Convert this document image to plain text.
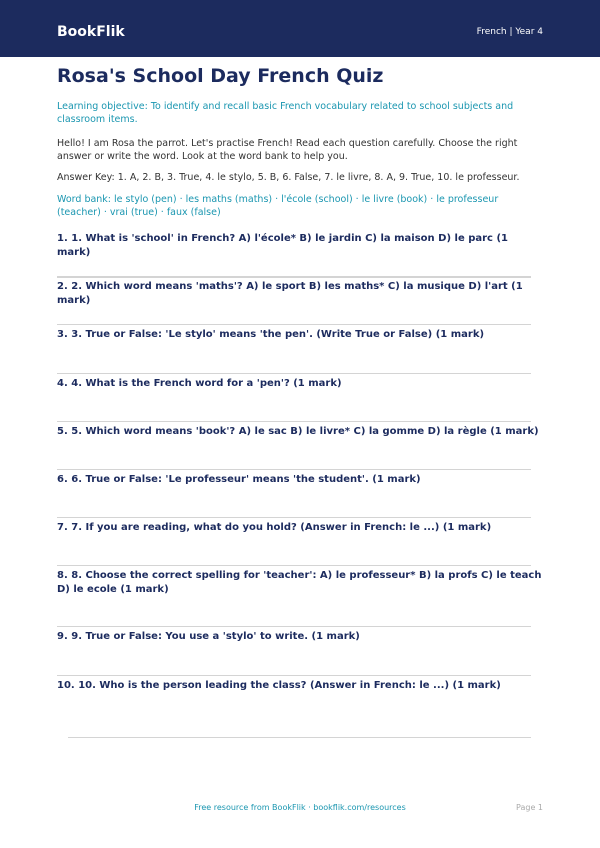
BookFlik	French | Year 4
Rosa's School Day French Quiz
Learning objective: To identify and recall basic French vocabulary related to school subjects and classroom items.
Hello! I am Rosa the parrot. Let's practise French! Read each question carefully. Choose the right answer or write the word. Look at the word bank to help you.
Answer Key: 1. A, 2. B, 3. True, 4. le stylo, 5. B, 6. False, 7. le livre, 8. A, 9. True, 10. le professeur.
Word bank: le stylo (pen) · les maths (maths) · l'école (school) · le livre (book) · le professeur (teacher) · vrai (true) · faux (false)
1. 1. What is 'school' in French? A) l'école* B) le jardin C) la maison D) le parc (1 mark)
2. 2. Which word means 'maths'? A) le sport B) les maths* C) la musique D) l'art (1 mark)
3. 3. True or False: 'Le stylo' means 'the pen'. (Write True or False) (1 mark)
4. 4. What is the French word for a 'pen'? (1 mark)
5. 5. Which word means 'book'? A) le sac B) le livre* C) la gomme D) la règle (1 mark)
6. 6. True or False: 'Le professeur' means 'the student'. (1 mark)
7. 7. If you are reading, what do you hold? (Answer in French: le ...) (1 mark)
8. 8. Choose the correct spelling for 'teacher': A) le professeur* B) la profs C) le teach D) le ecole (1 mark)
9. 9. True or False: You use a 'stylo' to write. (1 mark)
10. 10. Who is the person leading the class? (Answer in French: le ...) (1 mark)
Free resource from BookFlik · bookflik.com/resources	Page 1
